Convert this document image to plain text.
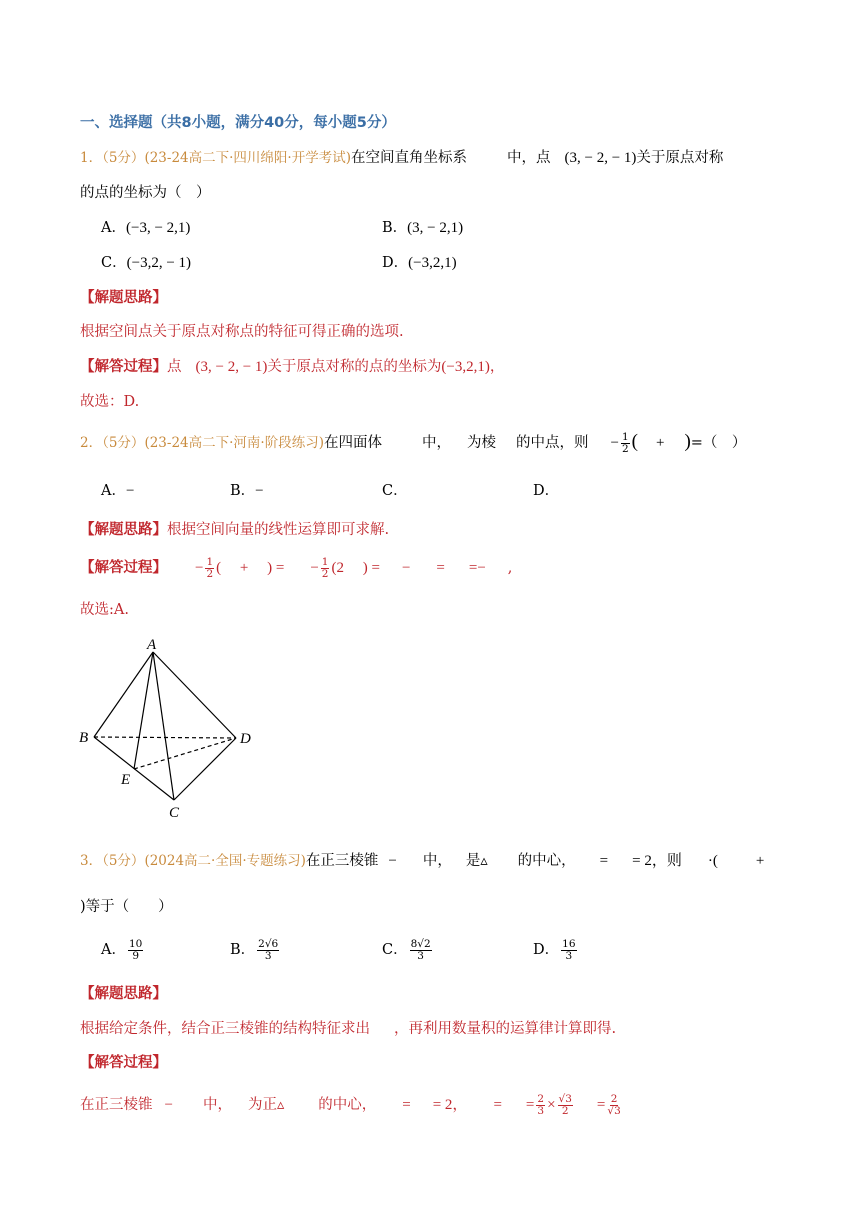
一、选择题（共8小题，满分40分，每小题5分）
1．（5分）(23-24高二下·四川绵阳·开学考试)在空间直角坐标系	中，点 (3, − 2, − 1)关于原点对称
的点的坐标为（　）
A．(−3, − 2,1)	B．(3, − 2,1)
C．(−3,2, − 1)	D．(−3,2,1)
【解题思路】
根据空间点关于原点对称点的特征可得正确的选项.
【解答过程】点 (3, − 2, − 1)关于原点对称的点的坐标为(−3,2,1)，
故选：D.
2．（5分）(23-24高二下·河南·阶段练习)在四面体	中， 为棱 的中点，则 − $\frac{1}{2}$ ( + )=（　）
A．−	B．−	C．	D．
【解题思路】根据空间向量的线性运算即可求解.
【解答过程】 − $\frac{1}{2}$ (　 +　 ) = − $\frac{1}{2} (2$　 ) = − = =− ,
故选:A.
A
B
C
D
E
3．（5分）(2024高二·全国·专题练习)在正三棱锥 − 中， 是▵ 的中心， = = 2，则 ·(	+
)等于（　　）
A． $\frac{10}{9}$	B． $\frac{2√6}{3}$	C． $\frac{8√2}{3}$	D． $\frac{16}{3}$
【解题思路】
根据给定条件，结合正三棱锥的结构特征求出 ，再利用数量积的运算律计算即得.
【解答过程】
在正三棱锥 − 中， 为正▵ 的中心， = = 2， = = $\frac{2}{3} \times \frac{√3}{2} = \frac{2}{√3}$
